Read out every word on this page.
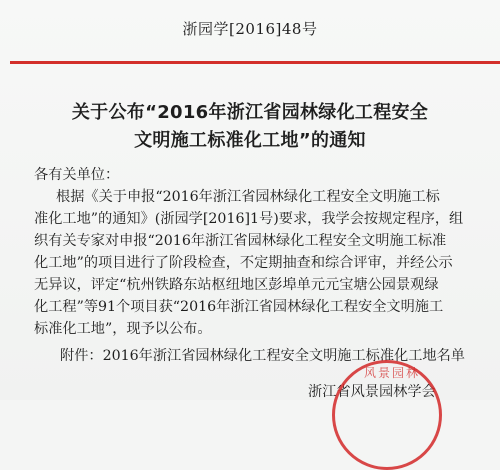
浙园学[2016]48号
关于公布“2016年浙江省园林绿化工程安全
文明施工标准化工地”的通知
各有关单位：
根据《关于申报“2016年浙江省园林绿化工程安全文明施工标
准化工地”的通知》(浙园学[2016]1号)要求，我学会按规定程序，组
织有关专家对申报“2016年浙江省园林绿化工程安全文明施工标准
化工地”的项目进行了阶段检查，不定期抽查和综合评审，并经公示
无异议，评定“杭州铁路东站枢纽地区彭埠单元元宝塘公园景观绿
化工程”等91个项目获“2016年浙江省园林绿化工程安全文明施工
标准化工地”，现予以公布。
附件：2016年浙江省园林绿化工程安全文明施工标准化工地名单
浙江省风景园林学会
风景园林
